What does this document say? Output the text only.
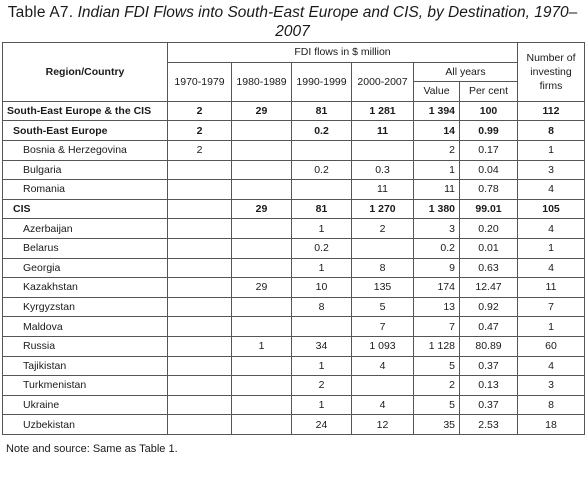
Table A7. Indian FDI Flows into South-East Europe and CIS, by Destination, 1970–2007
Region/Country	FDI flows in $ million						Number of investing firms
	1970-1979	1980-1989	1990-1999	2000-2007	All years		
					Value	Per cent	
South-East Europe & the CIS	2	29	81	1 281	1 394	100	112
South-East Europe	2		0.2	11	14	0.99	8
Bosnia & Herzegovina	2				2	0.17	1
Bulgaria			0.2	0.3	1	0.04	3
Romania				11	11	0.78	4
CIS		29	81	1 270	1 380	99.01	105
Azerbaijan			1	2	3	0.20	4
Belarus			0.2		0.2	0.01	1
Georgia			1	8	9	0.63	4
Kazakhstan		29	10	135	174	12.47	11
Kyrgyzstan			8	5	13	0.92	7
Maldova				7	7	0.47	1
Russia		1	34	1 093	1 128	80.89	60
Tajikistan			1	4	5	0.37	4
Turkmenistan			2		2	0.13	3
Ukraine			1	4	5	0.37	8
Uzbekistan			24	12	35	2.53	18
Note and source: Same as Table 1.
